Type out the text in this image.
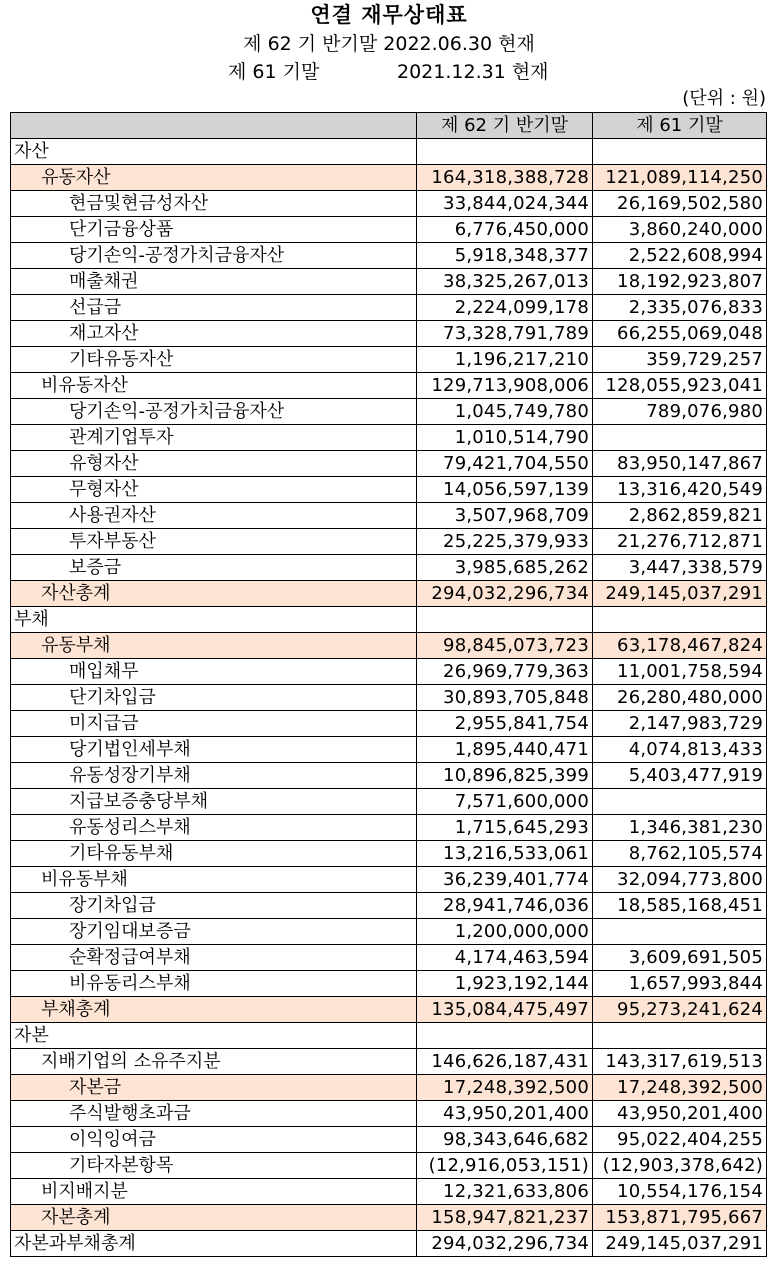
연결 재무상태표
제 62 기 반기말 2022.06.30 현재
제 61 기말	2021.12.31 현재
(단위 : 원)
	제 62 기 반기말	제 61 기말
자산		
유동자산	164,318,388,728	121,089,114,250
현금및현금성자산	33,844,024,344	26,169,502,580
단기금융상품	6,776,450,000	3,860,240,000
당기손익-공정가치금융자산	5,918,348,377	2,522,608,994
매출채권	38,325,267,013	18,192,923,807
선급금	2,224,099,178	2,335,076,833
재고자산	73,328,791,789	66,255,069,048
기타유동자산	1,196,217,210	359,729,257
비유동자산	129,713,908,006	128,055,923,041
당기손익-공정가치금융자산	1,045,749,780	789,076,980
관계기업투자	1,010,514,790	
유형자산	79,421,704,550	83,950,147,867
무형자산	14,056,597,139	13,316,420,549
사용권자산	3,507,968,709	2,862,859,821
투자부동산	25,225,379,933	21,276,712,871
보증금	3,985,685,262	3,447,338,579
자산총계	294,032,296,734	249,145,037,291
부채		
유동부채	98,845,073,723	63,178,467,824
매입채무	26,969,779,363	11,001,758,594
단기차입금	30,893,705,848	26,280,480,000
미지급금	2,955,841,754	2,147,983,729
당기법인세부채	1,895,440,471	4,074,813,433
유동성장기부채	10,896,825,399	5,403,477,919
지급보증충당부채	7,571,600,000	
유동성리스부채	1,715,645,293	1,346,381,230
기타유동부채	13,216,533,061	8,762,105,574
비유동부채	36,239,401,774	32,094,773,800
장기차입금	28,941,746,036	18,585,168,451
장기임대보증금	1,200,000,000	
순확정급여부채	4,174,463,594	3,609,691,505
비유동리스부채	1,923,192,144	1,657,993,844
부채총계	135,084,475,497	95,273,241,624
자본		
지배기업의 소유주지분	146,626,187,431	143,317,619,513
자본금	17,248,392,500	17,248,392,500
주식발행초과금	43,950,201,400	43,950,201,400
이익잉여금	98,343,646,682	95,022,404,255
기타자본항목	(12,916,053,151)	(12,903,378,642)
비지배지분	12,321,633,806	10,554,176,154
자본총계	158,947,821,237	153,871,795,667
자본과부채총계	294,032,296,734	249,145,037,291
